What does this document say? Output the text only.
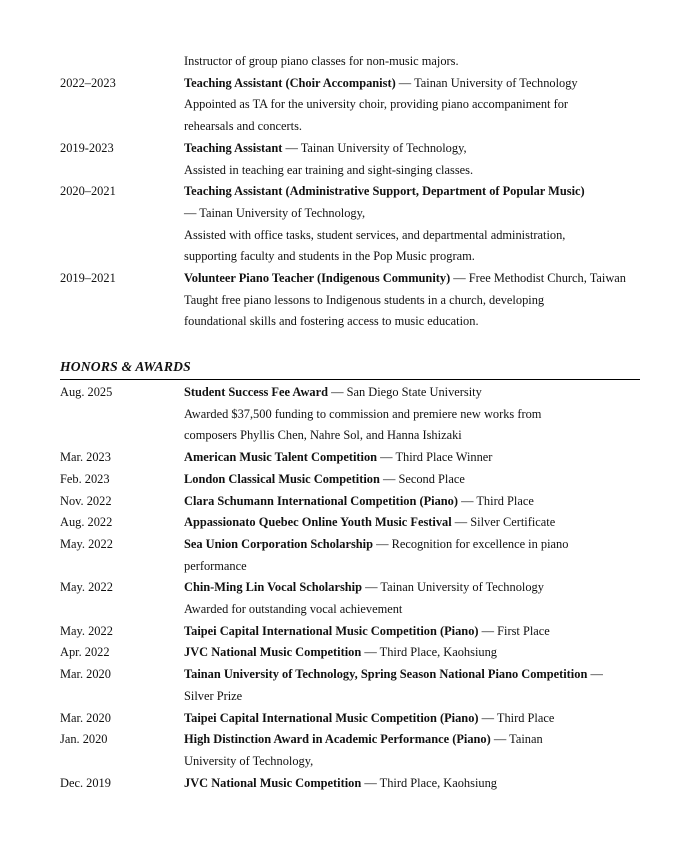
Instructor of group piano classes for non-music majors.
2022–2023	Teaching Assistant (Choir Accompanist) — Tainan University of Technology
Appointed as TA for the university choir, providing piano accompaniment for rehearsals and concerts.
2019-2023	Teaching Assistant — Tainan University of Technology,
Assisted in teaching ear training and sight-singing classes.
2020–2021	Teaching Assistant (Administrative Support, Department of Popular Music)
— Tainan University of Technology,
Assisted with office tasks, student services, and departmental administration, supporting faculty and students in the Pop Music program.
2019–2021	Volunteer Piano Teacher (Indigenous Community) — Free Methodist Church, Taiwan
Taught free piano lessons to Indigenous students in a church, developing foundational skills and fostering access to music education.
HONORS & AWARDS
Aug. 2025	Student Success Fee Award — San Diego State University
Awarded $37,500 funding to commission and premiere new works from composers Phyllis Chen, Nahre Sol, and Hanna Ishizaki
Mar. 2023	American Music Talent Competition — Third Place Winner
Feb. 2023	London Classical Music Competition — Second Place
Nov. 2022	Clara Schumann International Competition (Piano) — Third Place
Aug. 2022	Appassionato Quebec Online Youth Music Festival — Silver Certificate
May. 2022	Sea Union Corporation Scholarship — Recognition for excellence in piano performance
May. 2022	Chin-Ming Lin Vocal Scholarship — Tainan University of Technology
Awarded for outstanding vocal achievement
May. 2022	Taipei Capital International Music Competition (Piano) — First Place
Apr. 2022	JVC National Music Competition — Third Place, Kaohsiung
Mar. 2020	Tainan University of Technology, Spring Season National Piano Competition — Silver Prize
Mar. 2020	Taipei Capital International Music Competition (Piano) — Third Place
Jan. 2020	High Distinction Award in Academic Performance (Piano) — Tainan University of Technology,
Dec. 2019	JVC National Music Competition — Third Place, Kaohsiung
